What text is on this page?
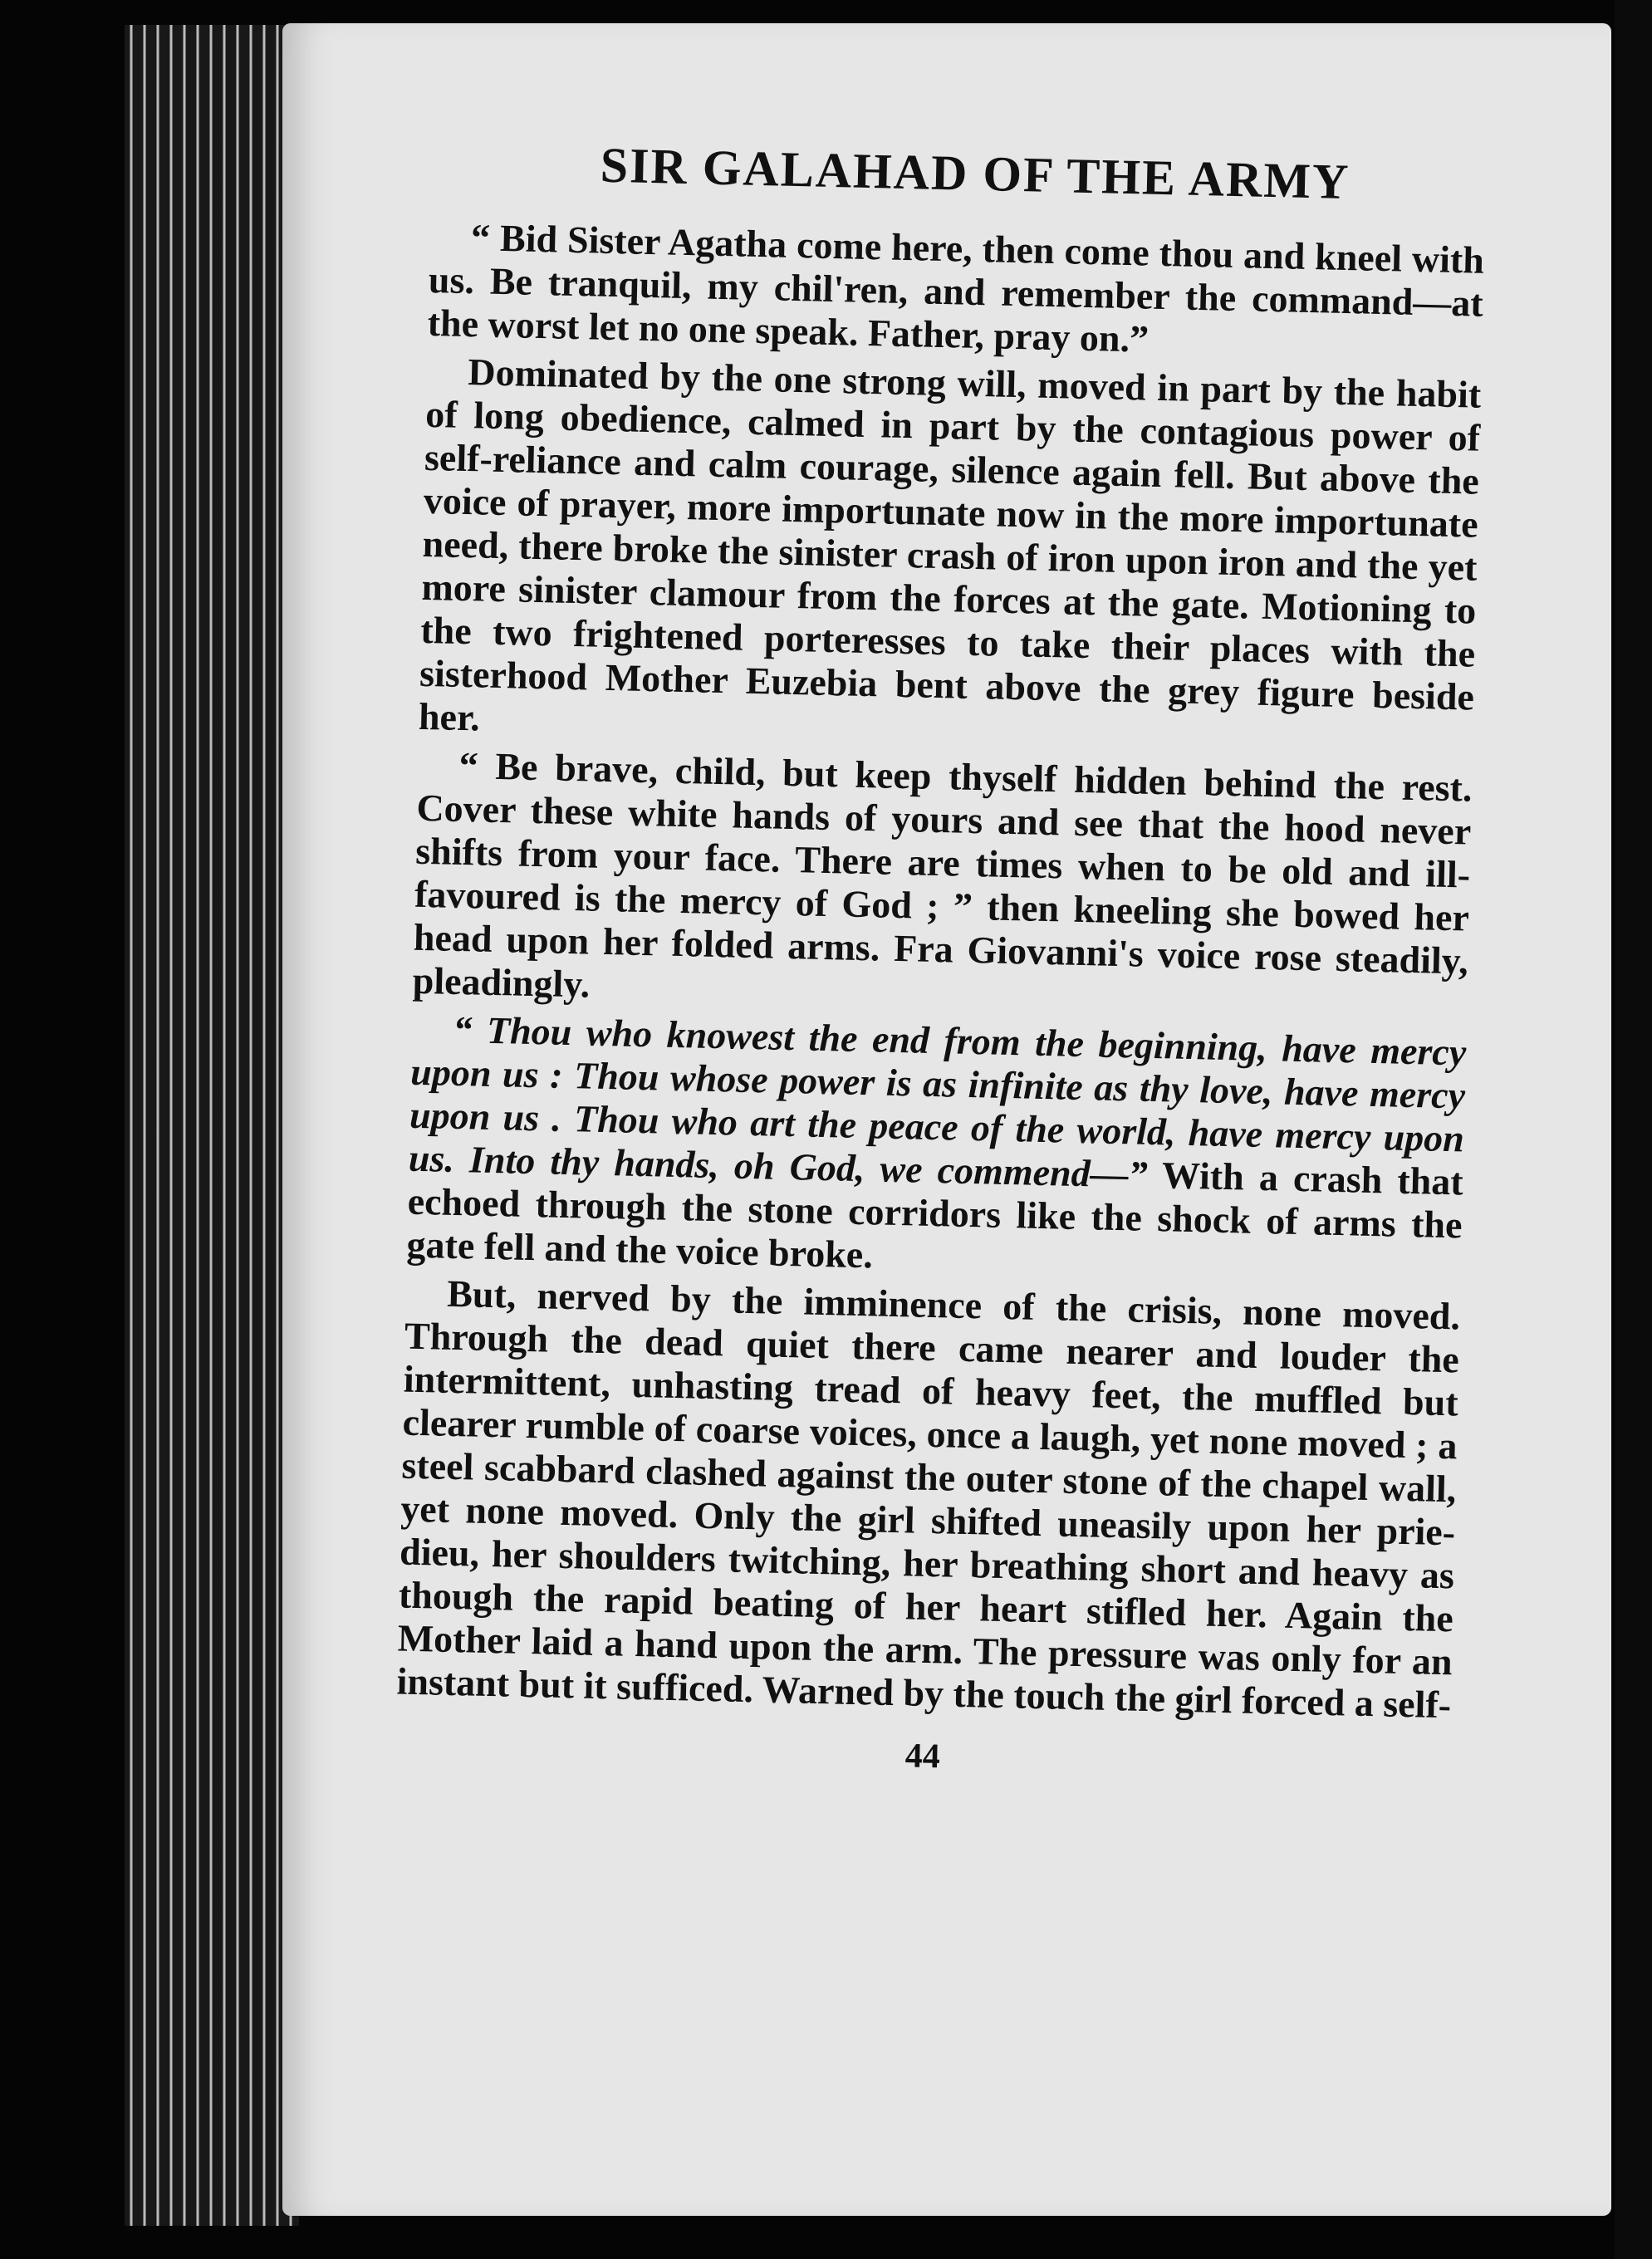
SIR GALAHAD OF THE ARMY

“ Bid Sister Agatha come here, then come thou and kneel with us. Be tranquil, my chil'ren, and remember the command—at the worst let no one speak. Father, pray on.”

Dominated by the one strong will, moved in part by the habit of long obedience, calmed in part by the contagious power of self-reliance and calm courage, silence again fell. But above the voice of prayer, more importunate now in the more importunate need, there broke the sinister crash of iron upon iron and the yet more sinister clamour from the forces at the gate. Motioning to the two frightened porteresses to take their places with the sisterhood Mother Euzebia bent above the grey figure beside her.

“ Be brave, child, but keep thyself hidden behind the rest. Cover these white hands of yours and see that the hood never shifts from your face. There are times when to be old and ill-favoured is the mercy of God ; ” then kneeling she bowed her head upon her folded arms. Fra Giovanni's voice rose steadily, pleadingly.

“ Thou who knowest the end from the beginning, have mercy upon us : Thou whose power is as infinite as thy love, have mercy upon us . Thou who art the peace of the world, have mercy upon us. Into thy hands, oh God, we commend—” With a crash that echoed through the stone corridors like the shock of arms the gate fell and the voice broke.

But, nerved by the imminence of the crisis, none moved. Through the dead quiet there came nearer and louder the intermittent, unhasting tread of heavy feet, the muffled but clearer rumble of coarse voices, once a laugh, yet none moved ; a steel scabbard clashed against the outer stone of the chapel wall, yet none moved. Only the girl shifted uneasily upon her prie-dieu, her shoulders twitching, her breathing short and heavy as though the rapid beating of her heart stifled her. Again the Mother laid a hand upon the arm. The pressure was only for an instant but it sufficed. Warned by the touch the girl forced a self-

44
